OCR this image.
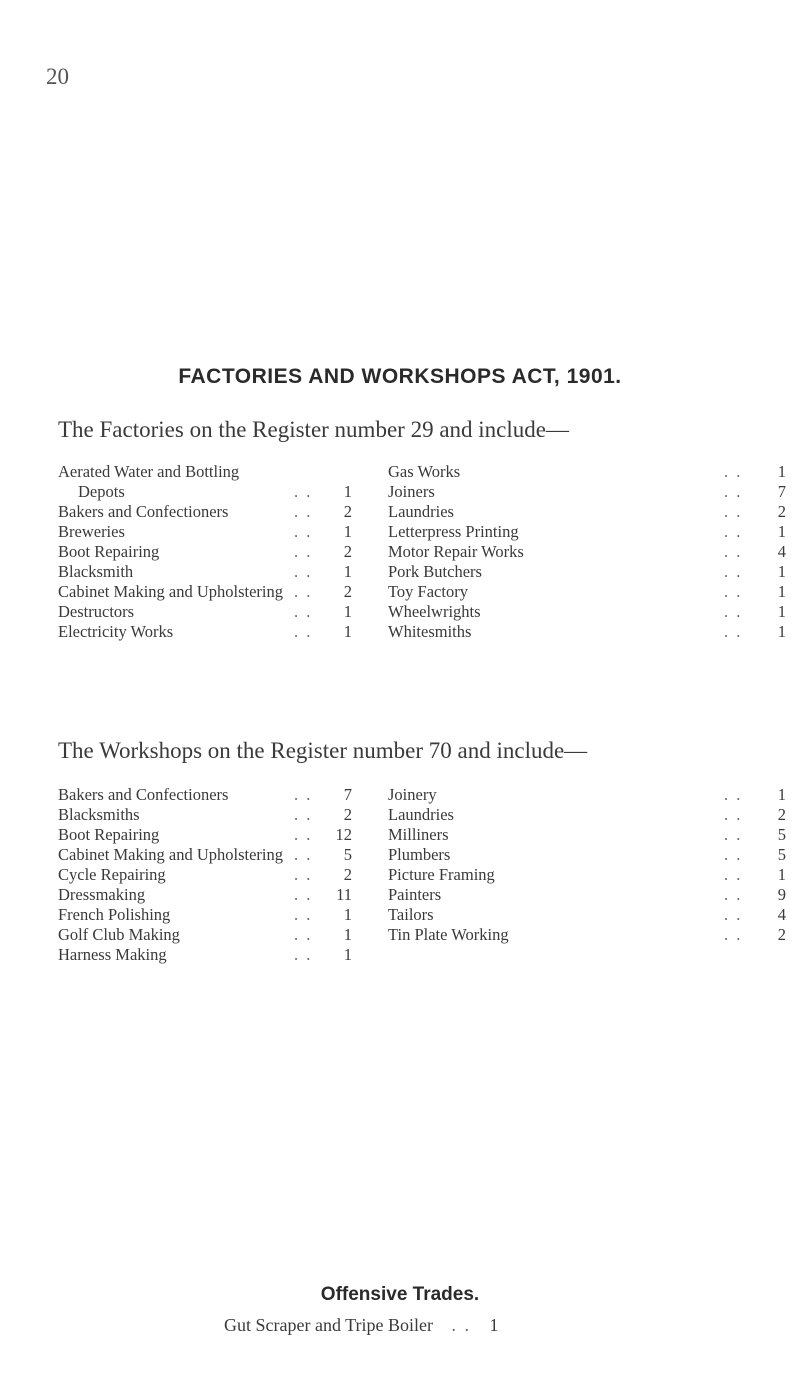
20
FACTORIES AND WORKSHOPS ACT, 1901.
The Factories on the Register number 29 and include—
Aerated Water and Bottling
Depots	. .	1
Bakers and Confectioners	. .	2
Breweries	. .	1
Boot Repairing	. .	2
Blacksmith	. .	1
Cabinet Making and Upholstering . .	2
Destructors	. .	1
Electricity Works	. .	1
Gas Works	. .	1
Joiners	. .	7
Laundries	. .	2
Letterpress Printing	. .	1
Motor Repair Works	. .	4
Pork Butchers	. .	1
Toy Factory	. .	1
Wheelwrights	. .	1
Whitesmiths	. .	1
The Workshops on the Register number 70 and include—
Bakers and Confectioners	. .	7
Blacksmiths	. .	2
Boot Repairing	. .	12
Cabinet Making and Upholstering . .	5
Cycle Repairing	. .	2
Dressmaking	. .	11
French Polishing	. .	1
Golf Club Making	. .	1
Harness Making	. .	1
Joinery	. .	1
Laundries	. .	2
Milliners	. .	5
Plumbers	. .	5
Picture Framing	. .	1
Painters	. .	9
Tailors	. .	4
Tin Plate Working	. .	2
Offensive Trades.
Gut Scraper and Tripe Boiler . . 1
